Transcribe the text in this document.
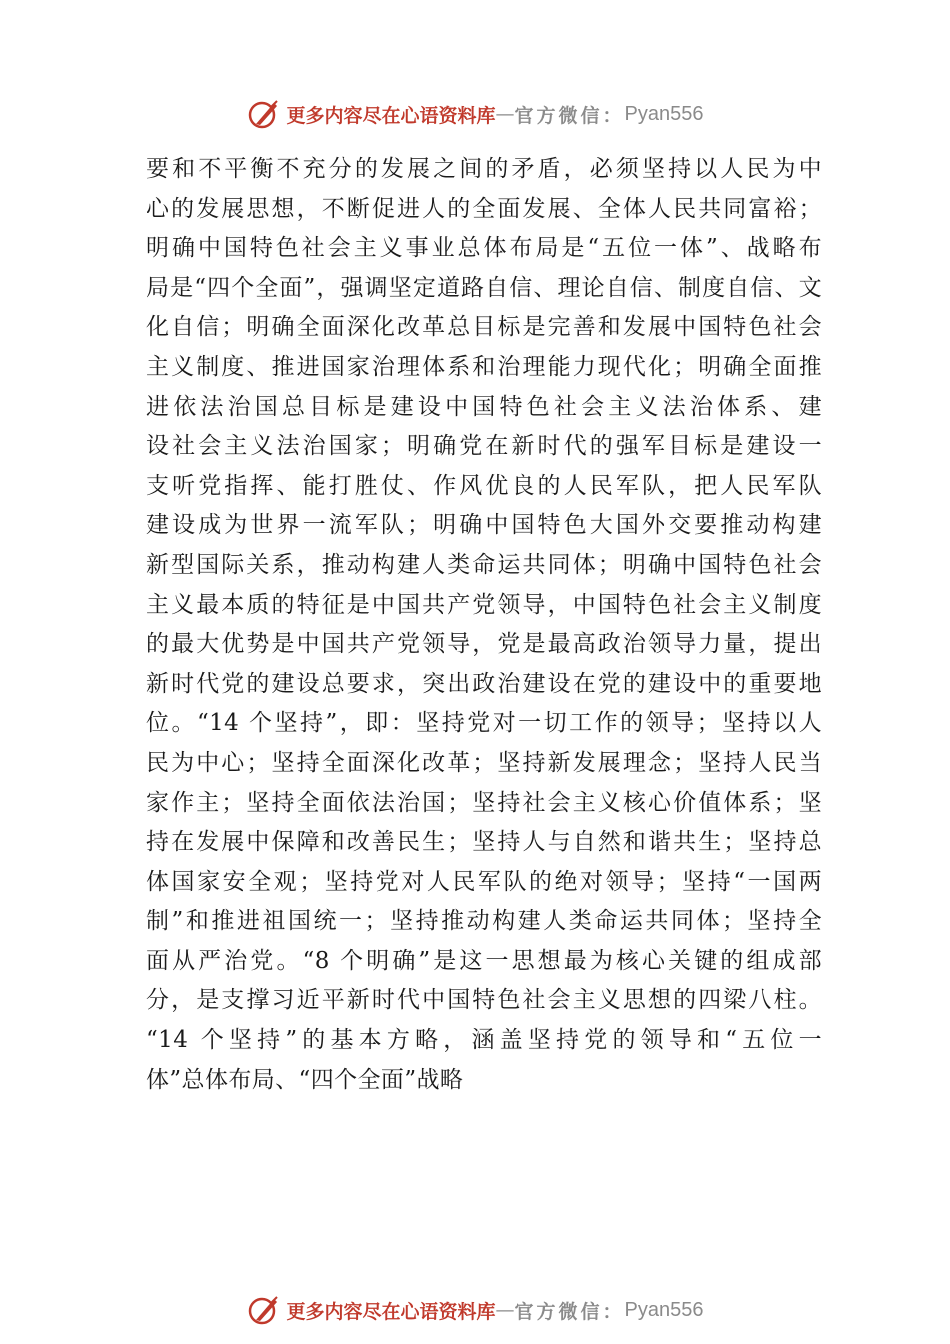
更多内容尽在心语资料库 — 官方微信： Pyan556
要和不平衡不充分的发展之间的矛盾，必须坚持以人民为中
心的发展思想，不断促进人的全面发展、全体人民共同富裕；
明确中国特色社会主义事业总体布局是“五位一体”、战略布
局是“四个全面”，强调坚定道路自信、理论自信、制度自信、文
化自信；明确全面深化改革总目标是完善和发展中国特色社会
主义制度、推进国家治理体系和治理能力现代化；明确全面推
进依法治国总目标是建设中国特色社会主义法治体系、建
设社会主义法治国家；明确党在新时代的强军目标是建设一
支听党指挥、能打胜仗、作风优良的人民军队，把人民军队
建设成为世界一流军队；明确中国特色大国外交要推动构建
新型国际关系，推动构建人类命运共同体；明确中国特色社会
主义最本质的特征是中国共产党领导，中国特色社会主义制度
的最大优势是中国共产党领导，党是最高政治领导力量，提出
新时代党的建设总要求，突出政治建设在党的建设中的重要地
位。“14 个坚持”，即：坚持党对一切工作的领导；坚持以人
民为中心；坚持全面深化改革；坚持新发展理念；坚持人民当
家作主；坚持全面依法治国；坚持社会主义核心价值体系；坚
持在发展中保障和改善民生；坚持人与自然和谐共生；坚持总
体国家安全观；坚持党对人民军队的绝对领导；坚持“一国两
制”和推进祖国统一；坚持推动构建人类命运共同体；坚持全
面从严治党。“8 个明确”是这一思想最为核心关键的组成部
分，是支撑习近平新时代中国特色社会主义思想的四梁八柱。
“14 个坚持”的基本方略，涵盖坚持党的领导和“五位一
体”总体布局、“四个全面”战略
更多内容尽在心语资料库 — 官方微信： Pyan556
